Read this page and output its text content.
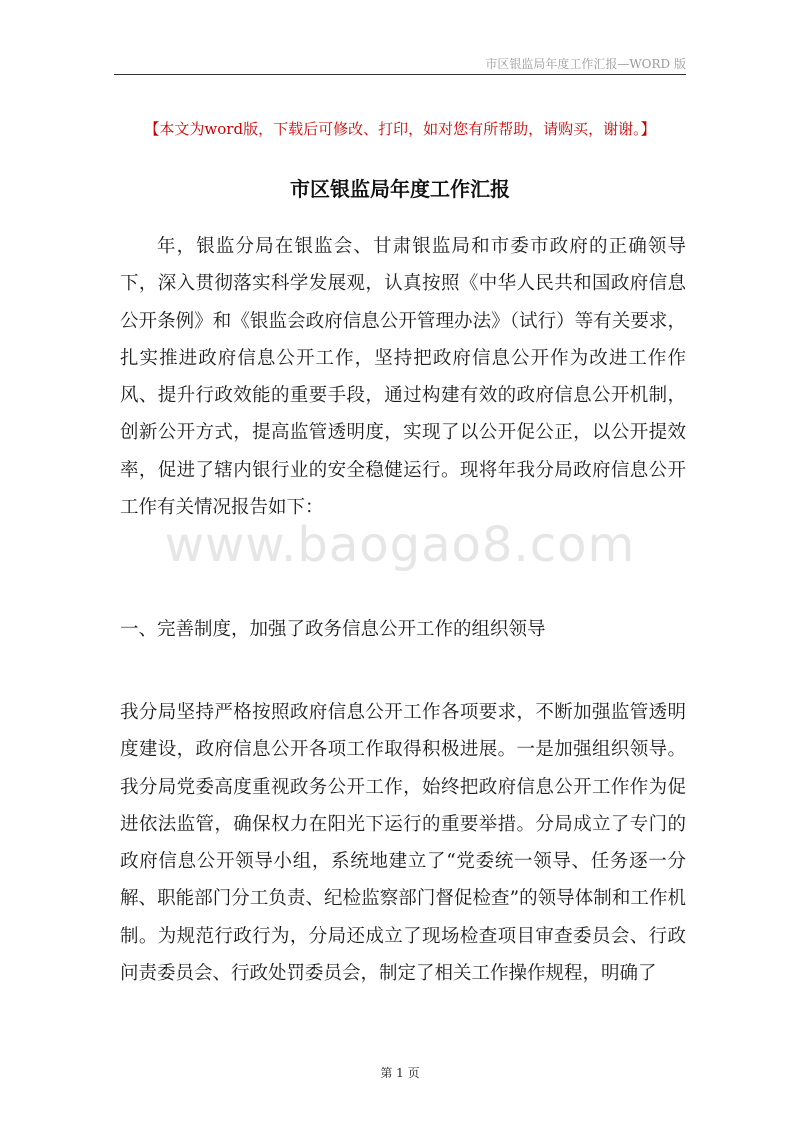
市区银监局年度工作汇报—WORD 版
【本文为word版，下载后可修改、打印，如对您有所帮助，请购买，谢谢。】
市区银监局年度工作汇报

年，银监分局在银监会、甘肃银监局和市委市政府的正确领导下，深入贯彻落实科学发展观，认真按照《中华人民共和国政府信息公开条例》和《银监会政府信息公开管理办法》（试行）等有关要求，扎实推进政府信息公开工作，坚持把政府信息公开作为改进工作作风、提升行政效能的重要手段，通过构建有效的政府信息公开机制，创新公开方式，提高监管透明度，实现了以公开促公正，以公开提效率，促进了辖内银行业的安全稳健运行。现将年我分局政府信息公开工作有关情况报告如下：

www.baogao8.com

一、完善制度，加强了政务信息公开工作的组织领导

我分局坚持严格按照政府信息公开工作各项要求，不断加强监管透明度建设，政府信息公开各项工作取得积极进展。一是加强组织领导。我分局党委高度重视政务公开工作，始终把政府信息公开工作作为促进依法监管，确保权力在阳光下运行的重要举措。分局成立了专门的政府信息公开领导小组，系统地建立了“党委统一领导、任务逐一分解、职能部门分工负责、纪检监察部门督促检查”的领导体制和工作机制。为规范行政行为，分局还成立了现场检查项目审查委员会、行政问责委员会、行政处罚委员会，制定了相关工作操作规程，明确了

第 1 页
